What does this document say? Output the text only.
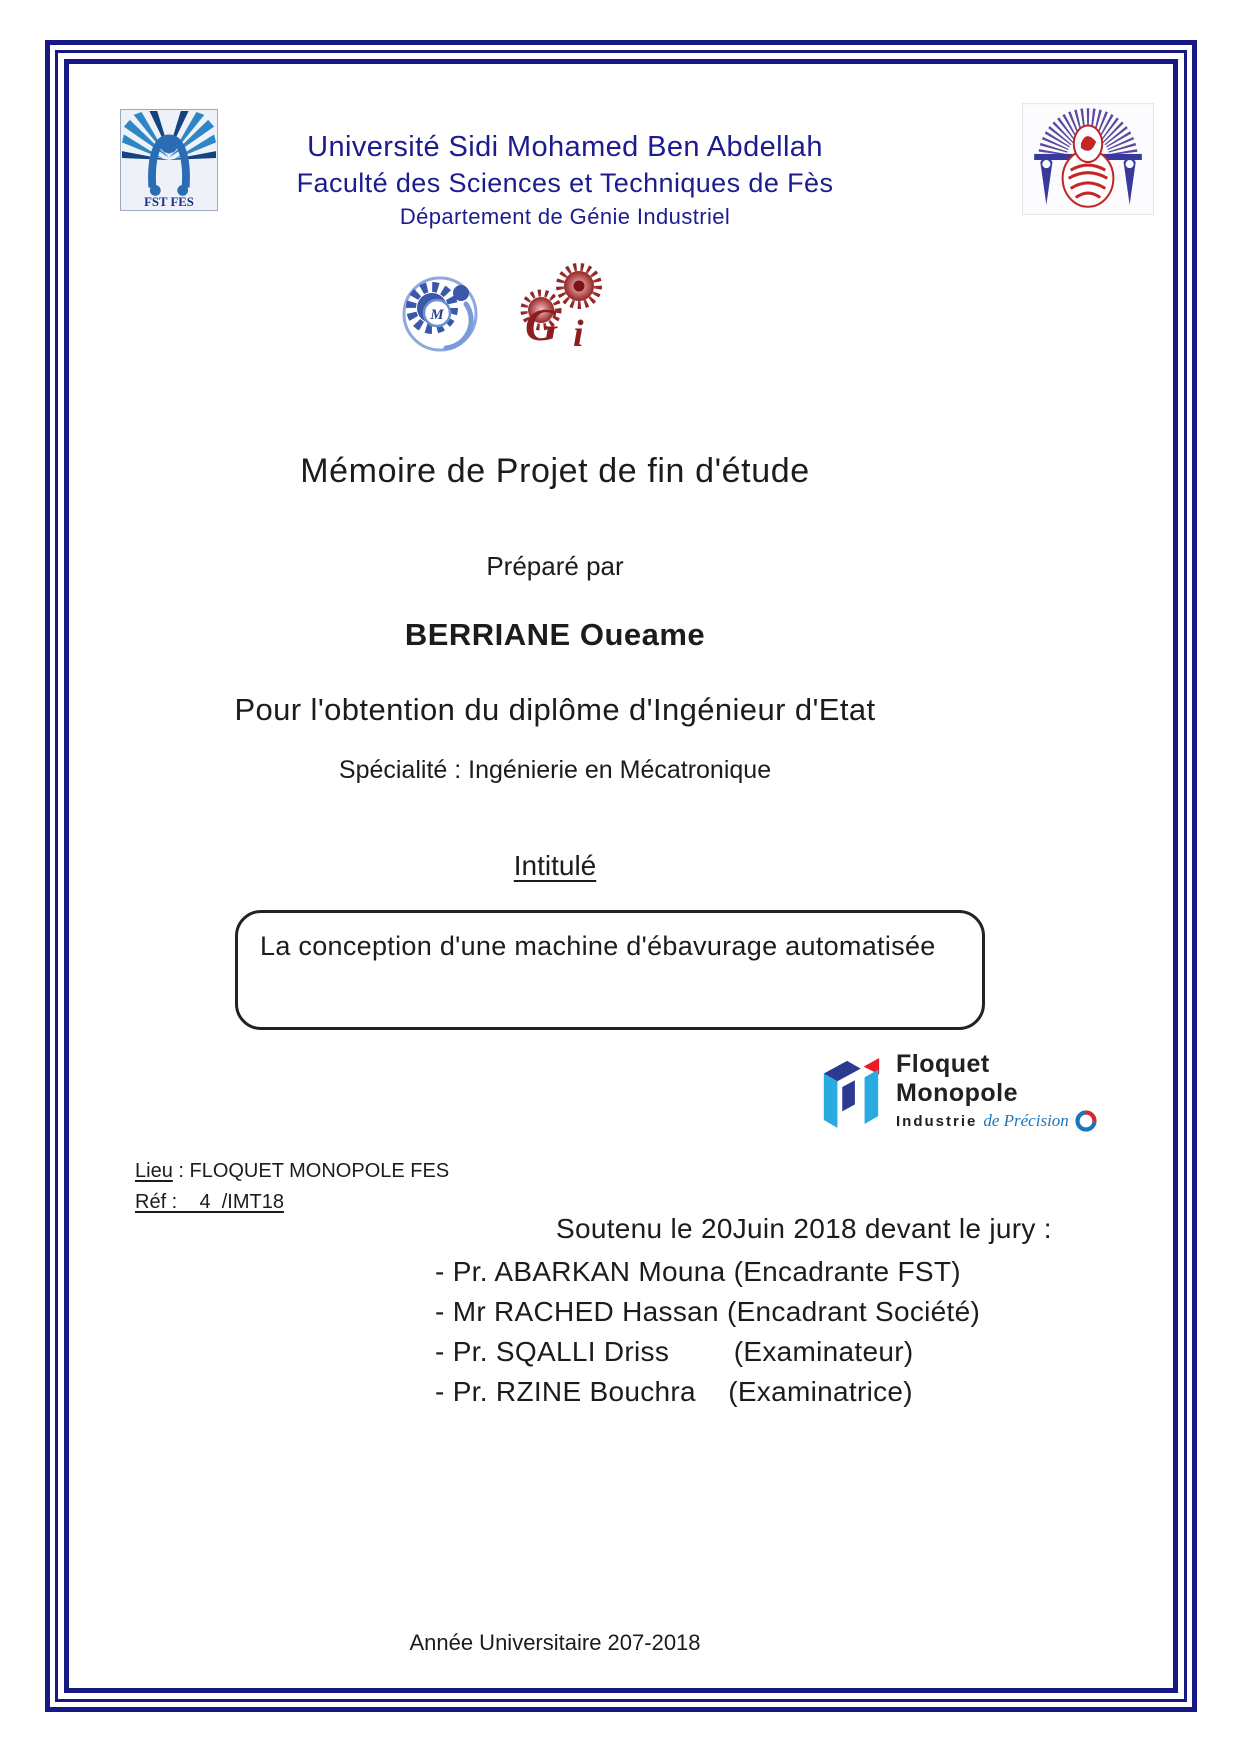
FST FES
Université Sidi Mohamed Ben Abdellah
Faculté des Sciences et Techniques de Fès
Département de Génie Industriel
M G i
Mémoire de Projet de fin d'étude
Préparé par
BERRIANE Oueame
Pour l'obtention du diplôme d'Ingénieur d'Etat
Spécialité : Ingénierie en Mécatronique
Intitulé
La conception d'une machine d'ébavurage automatisée
Floquet
Monopole
Industrie de Précision
Lieu : FLOQUET MONOPOLE FES
Réf :    4  /IMT18
Soutenu le 20Juin 2018 devant le jury :
- Pr. ABARKAN Mouna (Encadrante FST)
- Mr RACHED Hassan (Encadrant Société)
- Pr. SQALLI Driss        (Examinateur)
- Pr. RZINE Bouchra    (Examinatrice)
Année Universitaire 207-2018
